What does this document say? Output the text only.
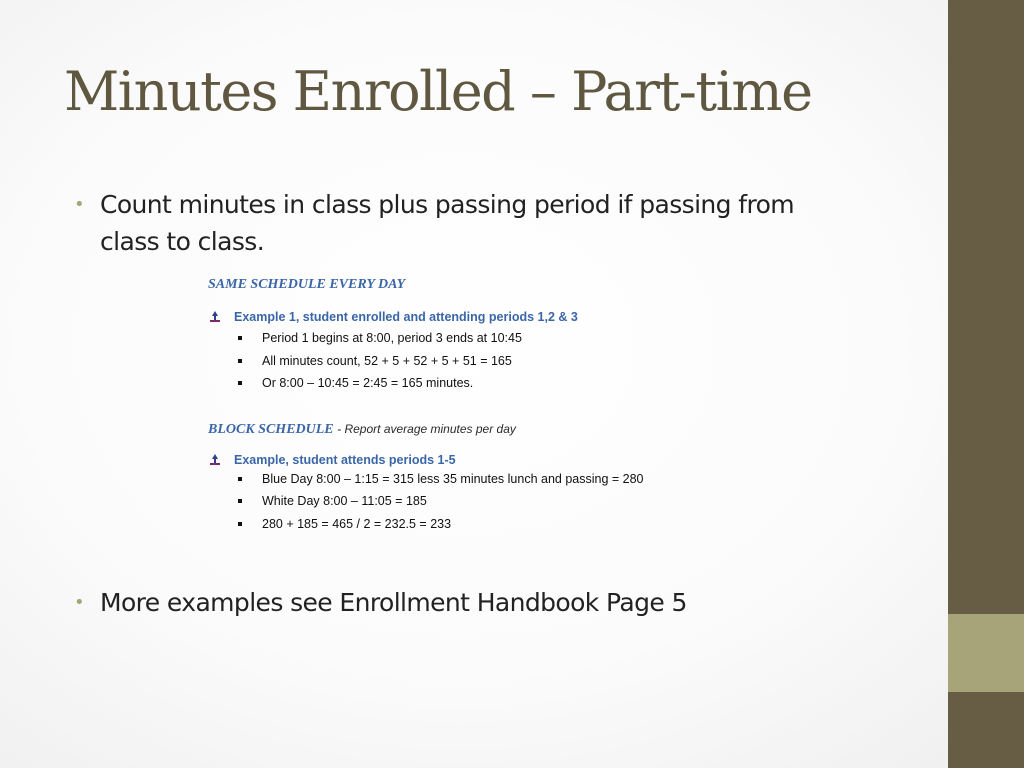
Minutes Enrolled – Part-time
• Count minutes in class plus passing period if passing from class to class.
SAME SCHEDULE EVERY DAY
Example 1, student enrolled and attending periods 1,2 & 3
Period 1 begins at 8:00, period 3 ends at 10:45
All minutes count, 52 + 5 + 52 + 5 + 51 = 165
Or 8:00 – 10:45 = 2:45 = 165 minutes.
BLOCK SCHEDULE - Report average minutes per day
Example, student attends periods 1-5
Blue Day 8:00 – 1:15 = 315 less 35 minutes lunch and passing = 280
White Day 8:00 – 11:05 = 185
280 + 185 = 465 / 2 = 232.5 = 233
• More examples see Enrollment Handbook Page 5
